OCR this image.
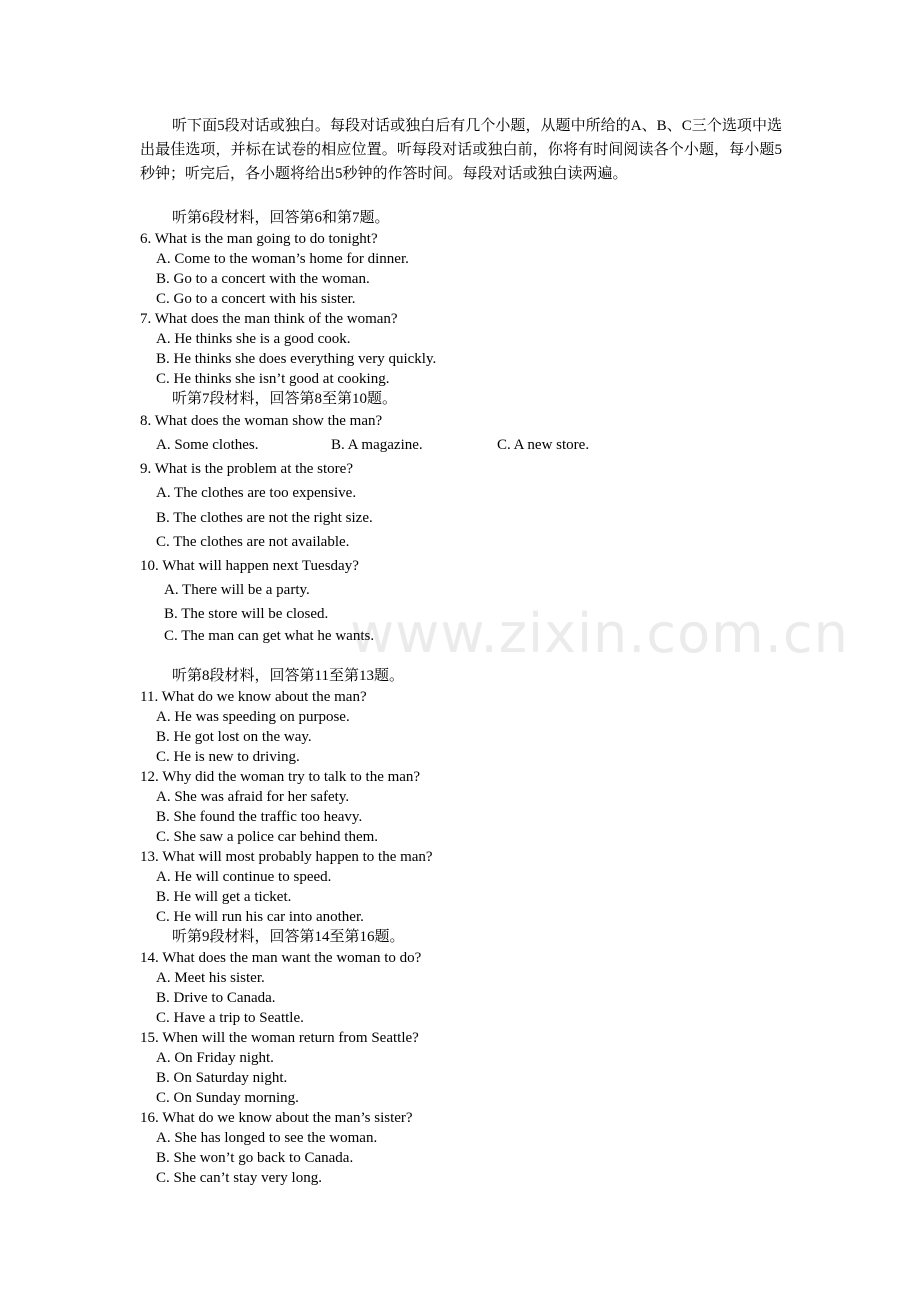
听下面5段对话或独白。每段对话或独白后有几个小题，从题中所给的A、B、C三个选项中选出最佳选项，并标在试卷的相应位置。听每段对话或独白前，你将有时间阅读各个小题，每小题5秒钟；听完后，各小题将给出5秒钟的作答时间。每段对话或独白读两遍。

听第6段材料，回答第6和第7题。
6. What is the man going to do tonight?
A. Come to the woman’s home for dinner.
B. Go to a concert with the woman.
C. Go to a concert with his sister.
7. What does the man think of the woman?
A. He thinks she is a good cook.
B. He thinks she does everything very quickly.
C. He thinks she isn’t good at cooking.
听第7段材料，回答第8至第10题。
8. What does the woman show the man?
A. Some clothes.	B. A magazine.	C. A new store.
9. What is the problem at the store?
A. The clothes are too expensive.
B. The clothes are not the right size.
C. The clothes are not available.
10. What will happen next Tuesday?
A. There will be a party.
B. The store will be closed.
C. The man can get what he wants.
听第8段材料，回答第11至第13题。
11. What do we know about the man?
A. He was speeding on purpose.
B. He got lost on the way.
C. He is new to driving.
12. Why did the woman try to talk to the man?
A. She was afraid for her safety.
B. She found the traffic too heavy.
C. She saw a police car behind them.
13. What will most probably happen to the man?
A. He will continue to speed.
B. He will get a ticket.
C. He will run his car into another.
听第9段材料，回答第14至第16题。
14. What does the man want the woman to do?
A. Meet his sister.
B. Drive to Canada.
C. Have a trip to Seattle.
15. When will the woman return from Seattle?
A. On Friday night.
B. On Saturday night.
C. On Sunday morning.
16. What do we know about the man’s sister?
A. She has longed to see the woman.
B. She won’t go back to Canada.
C. She can’t stay very long.
www.zixin.com.cn
